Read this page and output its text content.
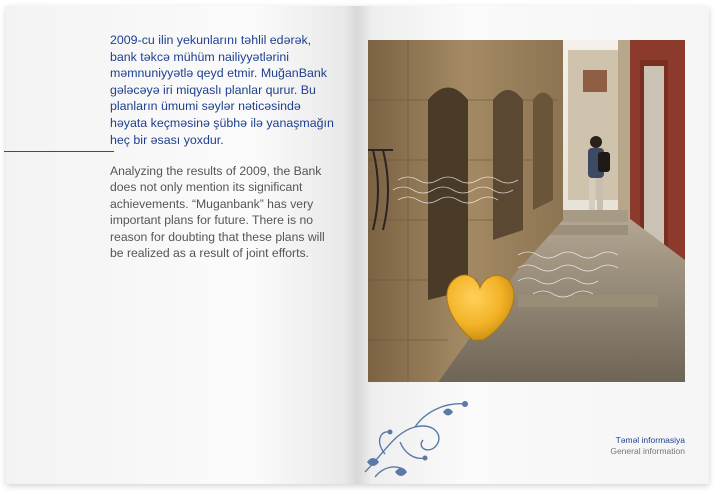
2009-cu ilin yekunlarını təhlil edərək, bank təkcə mühüm nailiyyətlərini məmnuniyyətlə qeyd etmir. MuğanBank gələcəyə iri miqyaslı planlar qurur. Bu planların ümumi səylər nəticəsində həyata keçməsinə şübhə ilə yanaşmağın heç bir əsası yoxdur.
Analyzing the results of 2009, the Bank does not only mention its significant achievements. “Muganbank” has very important plans for future. There is no reason for doubting that these plans will be realized as a result of joint efforts.
Təməl informasiya
General information
